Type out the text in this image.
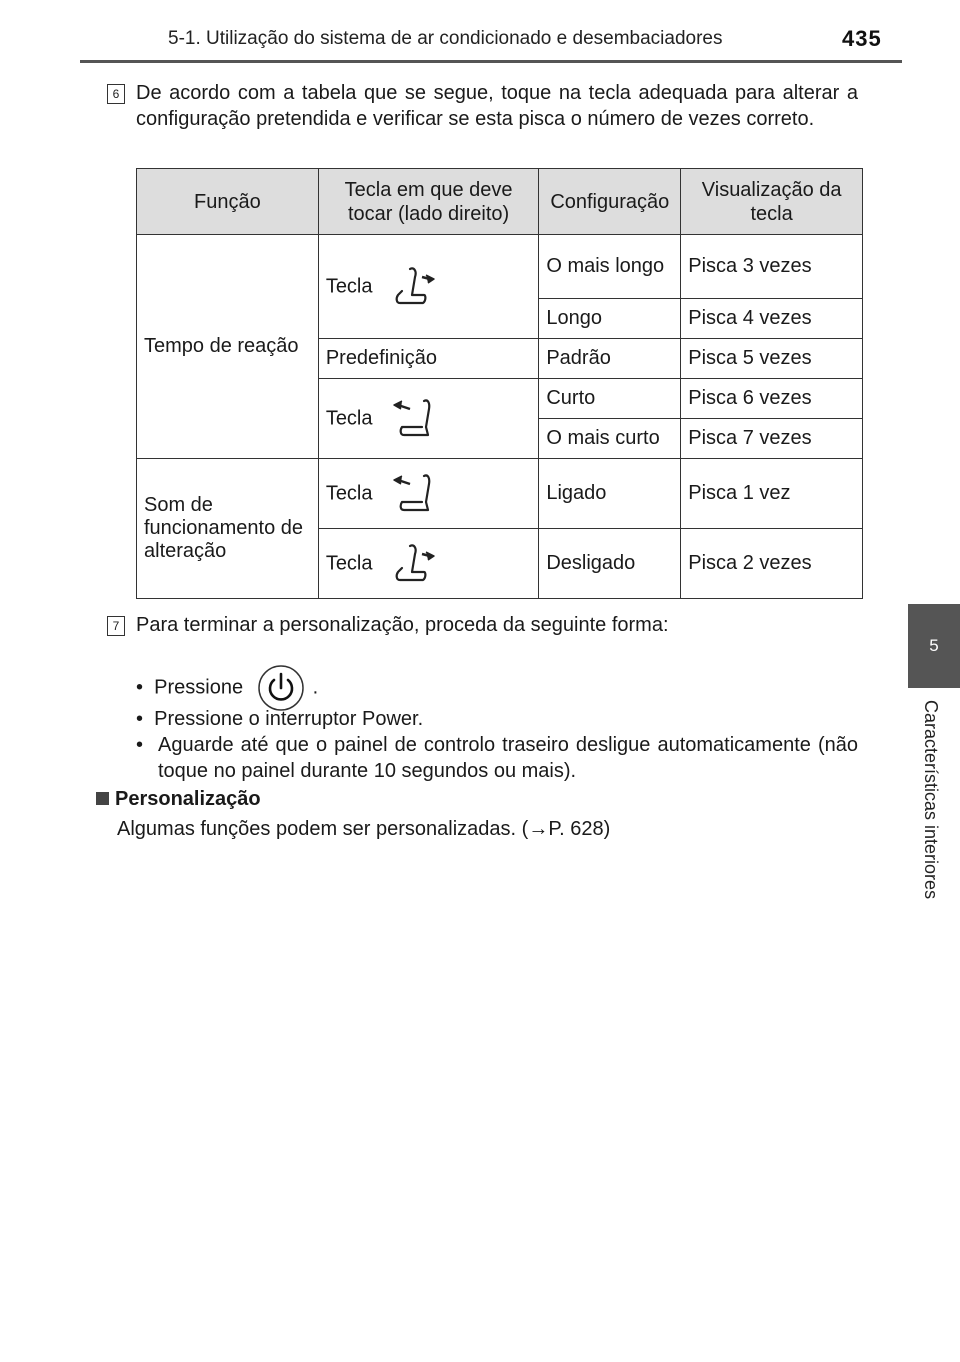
5-1. Utilização do sistema de ar condicionado e desembaciadores	435
5
Características interiores
6 De acordo com a tabela que se segue, toque na tecla adequada para alterar a configuração pretendida e verificar se esta pisca o número de vezes correto.
Função	Tecla em que deve tocar (lado direito)	Configuração	Visualização da tecla
Tempo de reação	Tecla	O mais longo	Pisca 3 vezes
		Longo	Pisca 4 vezes
	Predefinição	Padrão	Pisca 5 vezes
	Tecla	Curto	Pisca 6 vezes
		O mais curto	Pisca 7 vezes
Som de funcionamento de alteração	Tecla	Ligado	Pisca 1 vez
	Tecla	Desligado	Pisca 2 vezes
7 Para terminar a personalização, proceda da seguinte forma:
•  Pressione	.
•  Pressione o interruptor Power.
• Aguarde até que o painel de controlo traseiro desligue automaticamente (não toque no painel durante 10 segundos ou mais).
Personalização
Algumas funções podem ser personalizadas. (→P. 628)
